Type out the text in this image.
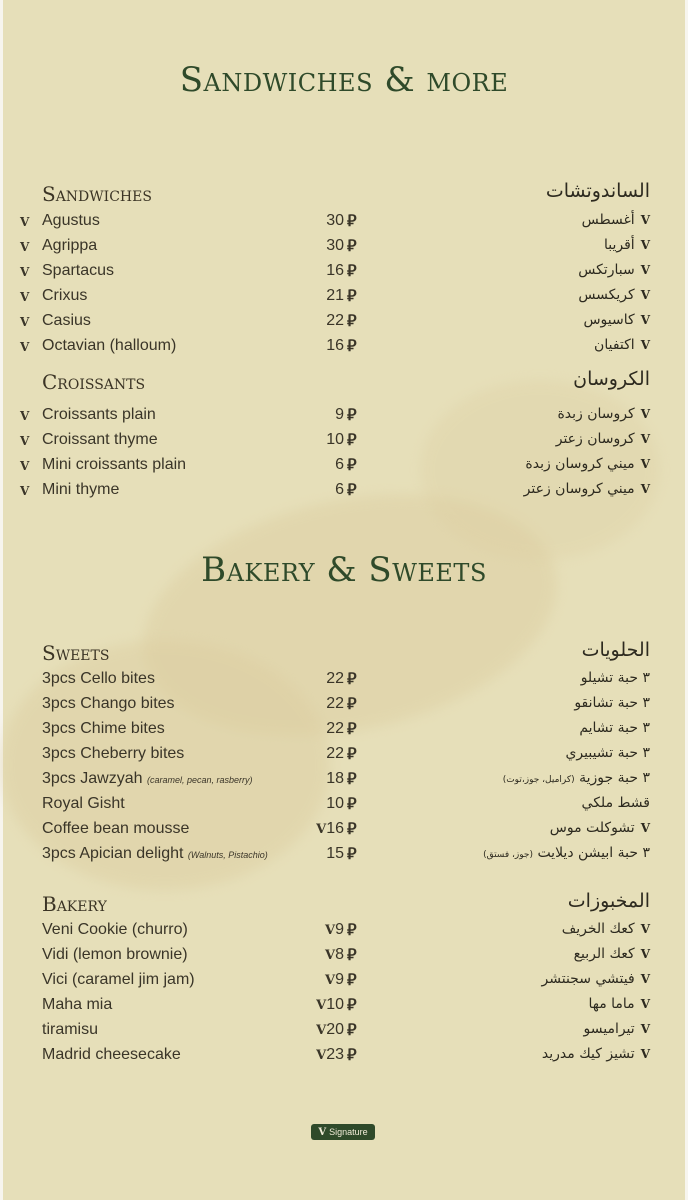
Sandwiches & more
Bakery & Sweets
Sandwiches	الساندوتشات
V Agustus	30 ⃁	Vأغسطس
V Agrippa	30 ⃁	Vأقريبا
V Spartacus	16 ⃁	Vسبارتكس
V Crixus	21 ⃁	Vكريكسس
V Casius	22 ⃁	Vكاسيوس
V Octavian (halloum)	16 ⃁	Vاكتفيان
Croissants	الكروسان
V Croissants plain	9 ⃁	Vكروسان زبدة
V Croissant thyme	10 ⃁	Vكروسان زعتر
V Mini croissants plain	6 ⃁	Vميني كروسان زبدة
V Mini thyme	6 ⃁	Vميني كروسان زعتر
Sweets	الحلويات
3pcs Cello bites	22 ⃁	٣ حبة تشيلو
3pcs Chango bites	22 ⃁	٣ حبة تشانقو
3pcs Chime bites	22 ⃁	٣ حبة تشايم
3pcs Cheberry bites	22 ⃁	٣ حبة تشيبيري
3pcs Jawzyah (caramel, pecan, rasberry)	18 ⃁	٣ حبة جوزية (كراميل، جوز،توت)
Royal Gisht	10 ⃁	قشط ملكي
Coffee bean mousse	V16 ⃁	Vتشوكلت موس
3pcs Apician delight (Walnuts, Pistachio)	15 ⃁	٣ حبة ابيشن ديلايت (جوز، فستق)
Bakery	المخبوزات
Veni Cookie (churro)	V9 ⃁	Vكعك الخريف
Vidi (lemon brownie)	V8 ⃁	Vكعك الربيع
Vici (caramel jim jam)	V9 ⃁	Vفيتشي سجنتشر
Maha mia	V10 ⃁	Vماما مها
tiramisu	V20 ⃁	Vتيراميسو
Madrid cheesecake	V23 ⃁	Vتشيز كيك مدريد
V Signature
